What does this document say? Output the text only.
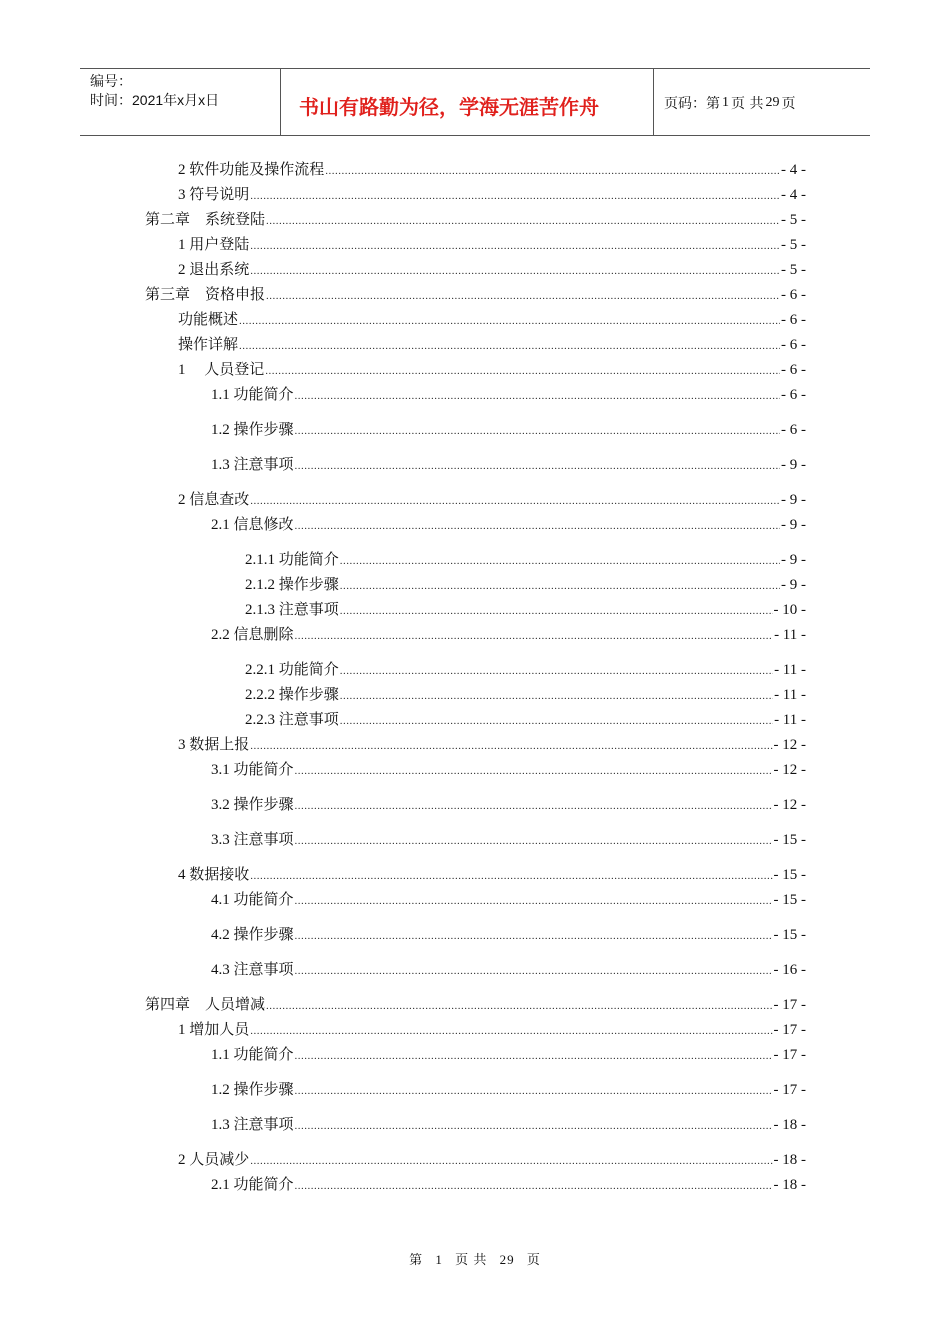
编号：
时间：2021年x月x日	书山有路勤为径，学海无涯苦作舟	页码：第 1 页 共 29 页
2 软件功能及操作流程 .....	- 4 -
3 符号说明 .....	- 4 -
第二章　系统登陆 .....	- 5 -
1 用户登陆 .....	- 5 -
2 退出系统 .....	- 5 -
第三章　资格申报 .....	- 6 -
功能概述 .....	- 6 -
操作详解 .....	- 6 -
1　 人员登记 .....	- 6 -
1.1 功能简介 .....	- 6 -
1.2 操作步骤 .....	- 6 -
1.3 注意事项 .....	- 9 -
2 信息查改 .....	- 9 -
2.1 信息修改 .....	- 9 -
2.1.1 功能简介 .....	- 9 -
2.1.2 操作步骤 .....	- 9 -
2.1.3 注意事项 .....	- 10 -
2.2 信息删除 .....	- 11 -
2.2.1 功能简介 .....	- 11 -
2.2.2 操作步骤 .....	- 11 -
2.2.3 注意事项 .....	- 11 -
3 数据上报 .....	- 12 -
3.1 功能简介 .....	- 12 -
3.2 操作步骤 .....	- 12 -
3.3 注意事项 .....	- 15 -
4 数据接收 .....	- 15 -
4.1 功能简介 .....	- 15 -
4.2 操作步骤 .....	- 15 -
4.3 注意事项 .....	- 16 -
第四章　人员增减 .....	- 17 -
1 增加人员 .....	- 17 -
1.1 功能简介 .....	- 17 -
1.2 操作步骤 .....	- 17 -
1.3 注意事项 .....	- 18 -
2 人员减少 .....	- 18 -
2.1 功能简介 .....	- 18 -
第 1 页 共 29 页
